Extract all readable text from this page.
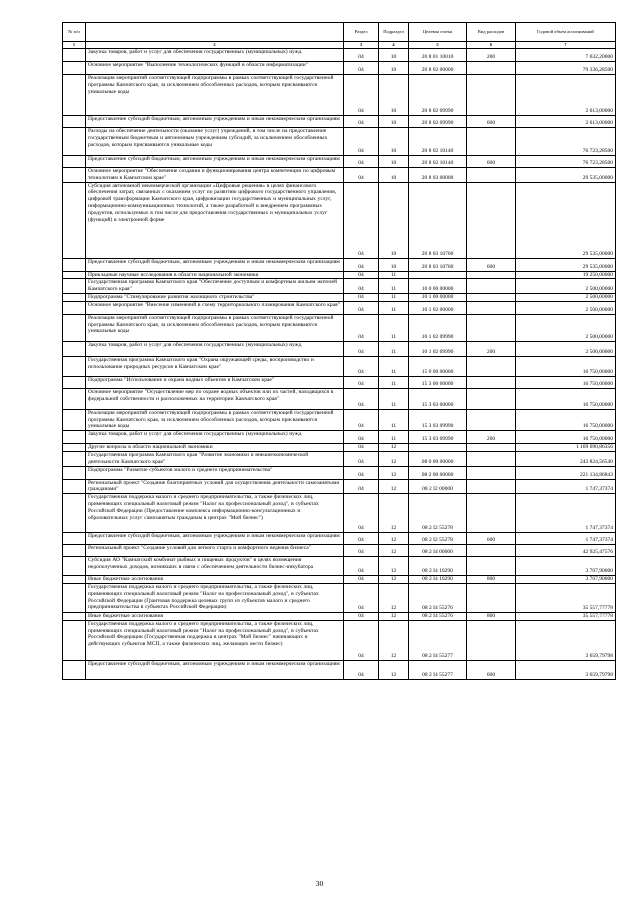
№ п/п		Раздел	Подраздел	Целевая статья	Вид расходов	Годовой объем ассигнований
1	2	3	4	5	6	7
	Закупка товаров, работ и услуг для обеспечения государственных (муниципальных) нужд	04	10	20 8 01 10010	200	7 632,20000
	Основное мероприятие "Выполнение технологических функций в области информатизации"	04	10	20 8 02 00000		79 336,28500
	Реализация мероприятий соответствующей подпрограммы в рамках соответствующей государственной программы Камчатского края, за исключением обособленных расходов, которым присваиваются уникальные коды	04	10	20 8 02 09990		2 613,00000
	Предоставление субсидий бюджетным, автономным учреждениям и иным некоммерческим организациям	04	10	20 8 02 09990	600	2 613,00000
	Расходы на обеспечение деятельности (оказание услуг) учреждений, в том числе на предоставление государственным бюджетным и автономным учреждениям субсидий, за исключением обособленных расходов, которым присваиваются уникальные коды	04	10	20 8 02 10140		76 723,28500
	Предоставление субсидий бюджетным, автономным учреждениям и иным некоммерческим организациям	04	10	20 8 02 10140	600	76 723,28500
	Основное мероприятие "Обеспечение создания и функционирования центра компетенции по цифровым технологиям в Камчатском крае"	04	10	20 8 03 00000		29 535,00000
	Субсидия автономной некоммерческой организации «Цифровые решения» в целях финансового обеспечения затрат, связанных с оказанием услуг по развитию цифрового государственного управления, цифровой трансформации Камчатского края, цифровизации государственных и муниципальных услуг, информационно-коммуникационных технологий, а также разработкой и внедрением программных продуктов, используемых в том числе для предоставления государственных и муниципальных услуг (функций) в электронной форме	04	10	20 8 03 10760		29 535,00000
	Предоставление субсидий бюджетным, автономным учреждениям и иным некоммерческим организациям	04	10	20 8 03 10760	600	29 535,00000
	Прикладные научные исследования в области национальной экономики	04	11			19 250,00000
	Государственная программа Камчатского края "Обеспечение доступным и комфортным жильем жителей Камчатского края"	04	11	10 0 00 00000		2 500,00000
	Подпрограмма "Стимулирование развития жилищного строительства"	04	11	10 1 00 00000		2 500,00000
	Основное мероприятие "Внесение изменений в схему территориального планирования Камчатского края"	04	11	10 1 02 00000		2 500,00000
	Реализация мероприятий соответствующей подпрограммы в рамках соответствующей государственной программы Камчатского края, за исключением обособленных расходов, которым присваиваются уникальные коды	04	11	10 1 02 09990		2 500,00000
	Закупка товаров, работ и услуг для обеспечения государственных (муниципальных) нужд	04	11	10 1 02 09990	200	2 500,00000
	Государственная программа Камчатского края "Охрана окружающей среды, воспроизводство и использование природных ресурсов в Камчатском крае"	04	11	15 0 00 00000		16 750,00000
	Подпрограмма "Использование и охрана водных объектов в Камчатском крае"	04	11	15 3 00 00000		16 750,00000
	Основное мероприятие "Осуществление мер по охране водных объектов или их частей, находящихся в федеральной собственности и расположенных на территории Камчатского края"	04	11	15 3 03 00000		16 750,00000
	Реализация мероприятий соответствующей подпрограммы в рамках соответствующей государственной программы Камчатского края, за исключением обособленных расходов, которым присваиваются уникальные коды	04	11	15 3 03 09990		16 750,00000
	Закупка товаров, работ и услуг для обеспечения государственных (муниципальных) нужд	04	11	15 3 03 09990	200	16 750,00000
	Другие вопросы в области национальной экономики	04	12			1 169 690,86356
	Государственная программа Камчатского края "Развитие экономики и внешнеэкономической деятельности Камчатского края"	04	12	08 0 00 00000		243 824,56540
	Подпрограмма "Развитие субъектов малого и среднего предпринимательства"	04	12	08 2 00 00000		221 134,86843
	Региональный проект "Создание благоприятных условий для осуществления деятельности самозанятыми гражданами"	04	12	08 2 I2 00000		1 747,37374
	Государственная поддержка малого и среднего предпринимательства, а также физических лиц, применяющих специальный налоговый режим "Налог на профессиональный доход", в субъектах Российской Федерации (Предоставление комплекса информационно-консультационных и образовательных услуг самозанятым гражданам в центрах "Мой бизнес")	04	12	08 2 I2 55278		1 747,37374
	Предоставление субсидий бюджетным, автономным учреждениям и иным некоммерческим организациям	04	12	08 2 I2 55278	600	1 747,37374
	Региональный проект "Создание условий для легкого старта и комфортного ведения бизнеса"	04	12	08 2 I4 00000		42 925,47576
	Субсидия АО "Камчатский комбинат рыбных и пищевых продуктов" в целях возмещения недополученных доходов, возникших в связи с обеспечением деятельности бизнес-инкубатора	04	12	08 2 I4 10290		3 707,90000
	Иные бюджетные ассигнования	04	12	08 2 I4 10290	800	3 707,90000
	Государственная поддержка малого и среднего предпринимательства, а также физических лиц, применяющих специальный налоговый режим "Налог на профессиональный доход", в субъектах Российской Федерации (Грантовая поддержка целевых групп из субъектов малого и среднего предпринимательства в субъектах Российской Федерации)	04	12	08 2 I4 55276		35 557,77778
	Иные бюджетные ассигнования	04	12	08 2 I4 55276	800	35 557,77778
	Государственная поддержка малого и среднего предпринимательства, а также физических лиц, применяющих специальный налоговый режим "Налог на профессиональный доход", в субъектах Российской Федерации (Государственная поддержка в центрах "Мой бизнес" начинающих и действующих субъектов МСП, а также физических лиц, желающих вести бизнес)	04	12	08 2 I4 55277		3 659,79798
	Предоставление субсидий бюджетным, автономным учреждениям и иным некоммерческим организациям	04	12	08 2 I4 55277	600	3 659,79798
30
